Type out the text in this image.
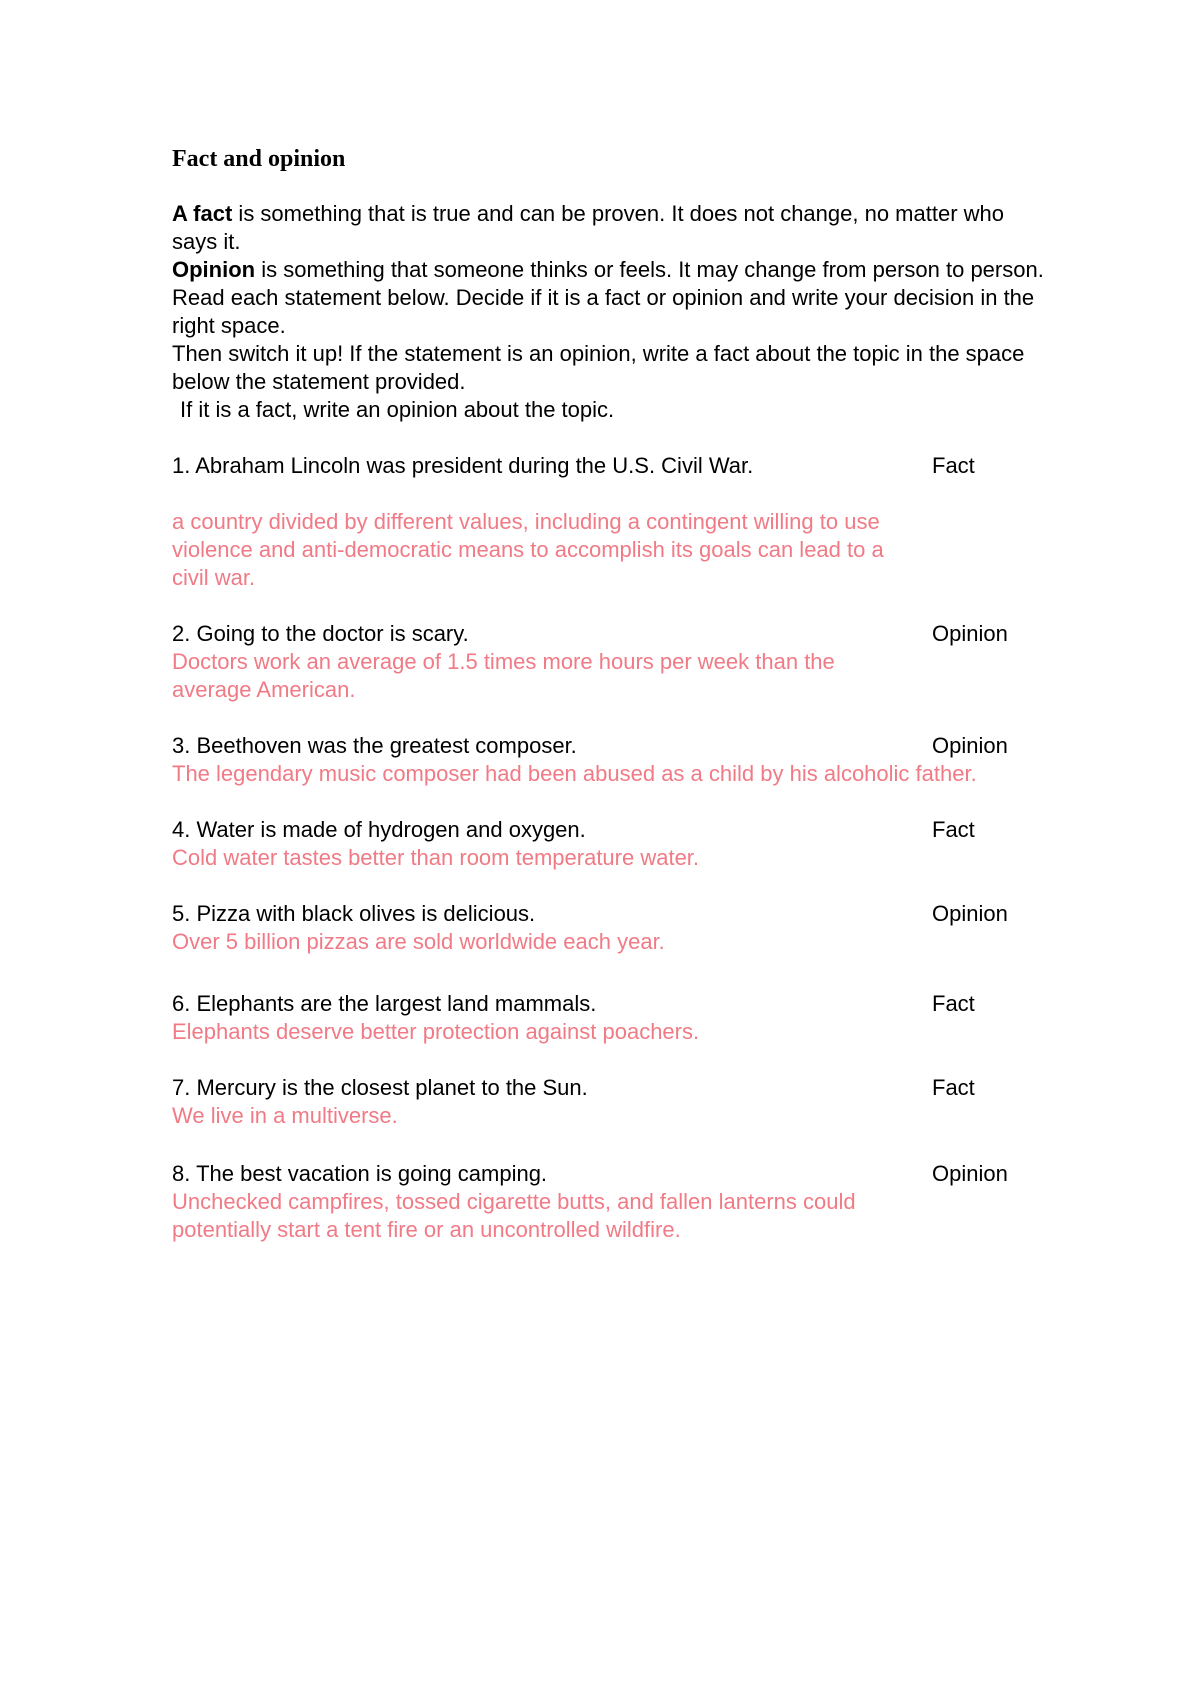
Fact and opinion

A fact is something that is true and can be proven. It does not change, no matter who says it.

Opinion is something that someone thinks or feels. It may change from person to person.

Read each statement below. Decide if it is a fact or opinion and write your decision in the right space.

Then switch it up! If the statement is an opinion, write a fact about the topic in the space below the statement provided.

If it is a fact, write an opinion about the topic.

1. Abraham Lincoln was president during the U.S. Civil War.	Fact
a country divided by different values, including a contingent willing to use violence and anti-democratic means to accomplish its goals can lead to a civil war.
2. Going to the doctor is scary.	Opinion
Doctors work an average of 1.5 times more hours per week than the average American.
3. Beethoven was the greatest composer.	Opinion
The legendary music composer had been abused as a child by his alcoholic father.
4. Water is made of hydrogen and oxygen.	Fact
Cold water tastes better than room temperature water.
5. Pizza with black olives is delicious.	Opinion
Over 5 billion pizzas are sold worldwide each year.
6. Elephants are the largest land mammals.	Fact
Elephants deserve better protection against poachers.
7. Mercury is the closest planet to the Sun.	Fact
We live in a multiverse.
8. The best vacation is going camping.	Opinion
Unchecked campfires, tossed cigarette butts, and fallen lanterns could potentially start a tent fire or an uncontrolled wildfire.
